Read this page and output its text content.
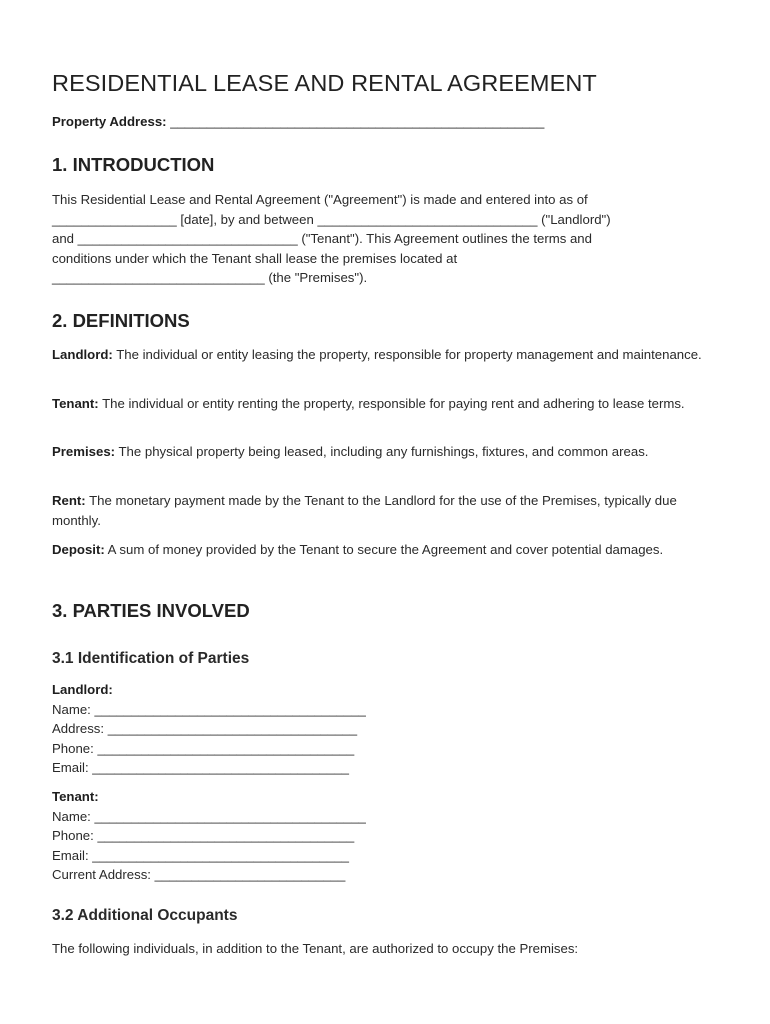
RESIDENTIAL LEASE AND RENTAL AGREEMENT
Property Address: ___________________________________________________
1. INTRODUCTION
This Residential Lease and Rental Agreement ("Agreement") is made and entered into as of
_________________ [date], by and between ______________________________ ("Landlord")
and ______________________________ ("Tenant"). This Agreement outlines the terms and
conditions under which the Tenant shall lease the premises located at
_____________________________ (the "Premises").
2. DEFINITIONS

Landlord: The individual or entity leasing the property, responsible for property management and maintenance.

Tenant: The individual or entity renting the property, responsible for paying rent and adhering to lease terms.

Premises: The physical property being leased, including any furnishings, fixtures, and common areas.

Rent: The monetary payment made by the Tenant to the Landlord for the use of the Premises, typically due monthly.

Deposit: A sum of money provided by the Tenant to secure the Agreement and cover potential damages.

3. PARTIES INVOLVED
3.1 Identification of Parties
Landlord:
Name: _____________________________________
Address: __________________________________
Phone: ___________________________________
Email: ___________________________________
Tenant:
Name: _____________________________________
Phone: ___________________________________
Email: ___________________________________
Current Address: __________________________
3.2 Additional Occupants

The following individuals, in addition to the Tenant, are authorized to occupy the Premises:
